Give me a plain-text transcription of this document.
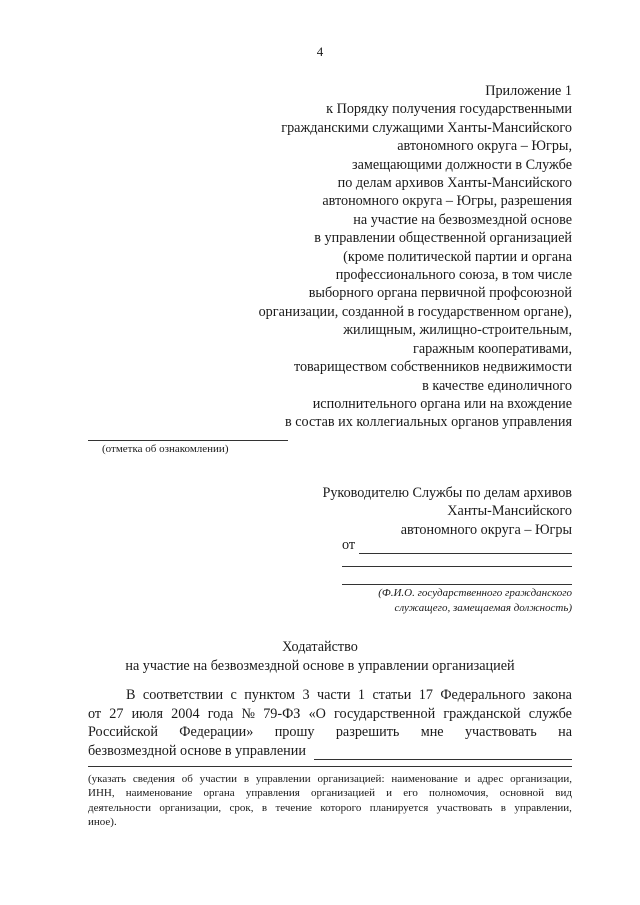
4
Приложение 1
к Порядку получения государственными
гражданскими служащими Ханты-Мансийского
автономного округа – Югры,
замещающими должности в Службе
по делам архивов Ханты-Мансийского
автономного округа – Югры, разрешения
на участие на безвозмездной основе
в управлении общественной организацией
(кроме политической партии и органа
профессионального союза, в том числе
выборного органа первичной профсоюзной
организации, созданной в государственном органе),
жилищным, жилищно-строительным,
гаражным кооперативами,
товариществом собственников недвижимости
в качестве единоличного
исполнительного органа или на вхождение
в состав их коллегиальных органов управления
(отметка об ознакомлении)
Руководителю Службы по делам архивов
Ханты-Мансийского
автономного округа – Югры
от
(Ф.И.О. государственного гражданского
служащего, замещаемая должность)
Ходатайство
на участие на безвозмездной основе в управлении организацией
В соответствии с пунктом 3 части 1 статьи 17 Федерального закона
от 27 июля 2004 года № 79-ФЗ «О государственной гражданской службе
Российской Федерации» прошу разрешить мне участвовать на
безвозмездной основе в управлении
(указать сведения об участии в управлении организацией: наименование и адрес организации,
ИНН, наименование органа управления организацией и его полномочия, основной вид
деятельности организации, срок, в течение которого планируется участвовать в управлении,
иное).
